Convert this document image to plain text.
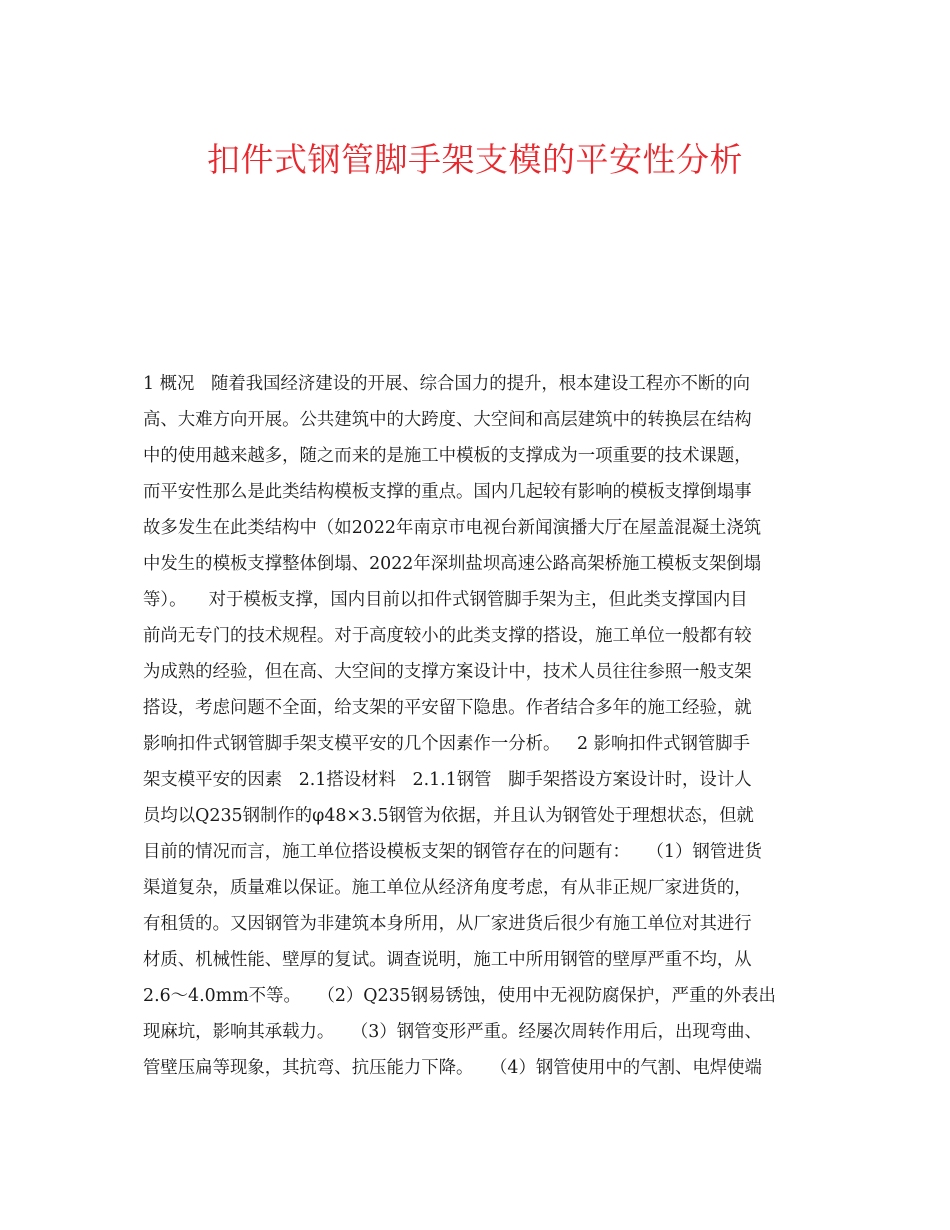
扣件式钢管脚手架支模的平安性分析
1 概况   随着我国经济建设的开展、综合国力的提升，根本建设工程亦不断的向
高、大难方向开展。公共建筑中的大跨度、大空间和高层建筑中的转换层在结构
中的使用越来越多，随之而来的是施工中模板的支撑成为一项重要的技术课题，
而平安性那么是此类结构模板支撑的重点。国内几起较有影响的模板支撑倒塌事
故多发生在此类结构中（如2022年南京市电视台新闻演播大厅在屋盖混凝土浇筑
中发生的模板支撑整体倒塌、2022年深圳盐坝高速公路高架桥施工模板支架倒塌
等）。    对于模板支撑，国内目前以扣件式钢管脚手架为主，但此类支撑国内目
前尚无专门的技术规程。对于高度较小的此类支撑的搭设，施工单位一般都有较
为成熟的经验，但在高、大空间的支撑方案设计中，技术人员往往参照一般支架
搭设，考虑问题不全面，给支架的平安留下隐患。作者结合多年的施工经验，就
影响扣件式钢管脚手架支模平安的几个因素作一分析。   2 影响扣件式钢管脚手
架支模平安的因素   2.1搭设材料   2.1.1钢管   脚手架搭设方案设计时，设计人
员均以Q235钢制作的φ48×3.5钢管为依据，并且认为钢管处于理想状态，但就
目前的情况而言，施工单位搭设模板支架的钢管存在的问题有：   （1）钢管进货
渠道复杂，质量难以保证。施工单位从经济角度考虑，有从非正规厂家进货的，
有租赁的。又因钢管为非建筑本身所用，从厂家进货后很少有施工单位对其进行
材质、机械性能、壁厚的复试。调查说明，施工中所用钢管的壁厚严重不均，从
2.6～4.0mm不等。   （2）Q235钢易锈蚀，使用中无视防腐保护，严重的外表出
现麻坑，影响其承载力。   （3）钢管变形严重。经屡次周转作用后，出现弯曲、
管壁压扁等现象，其抗弯、抗压能力下降。   （4）钢管使用中的气割、电焊使端
